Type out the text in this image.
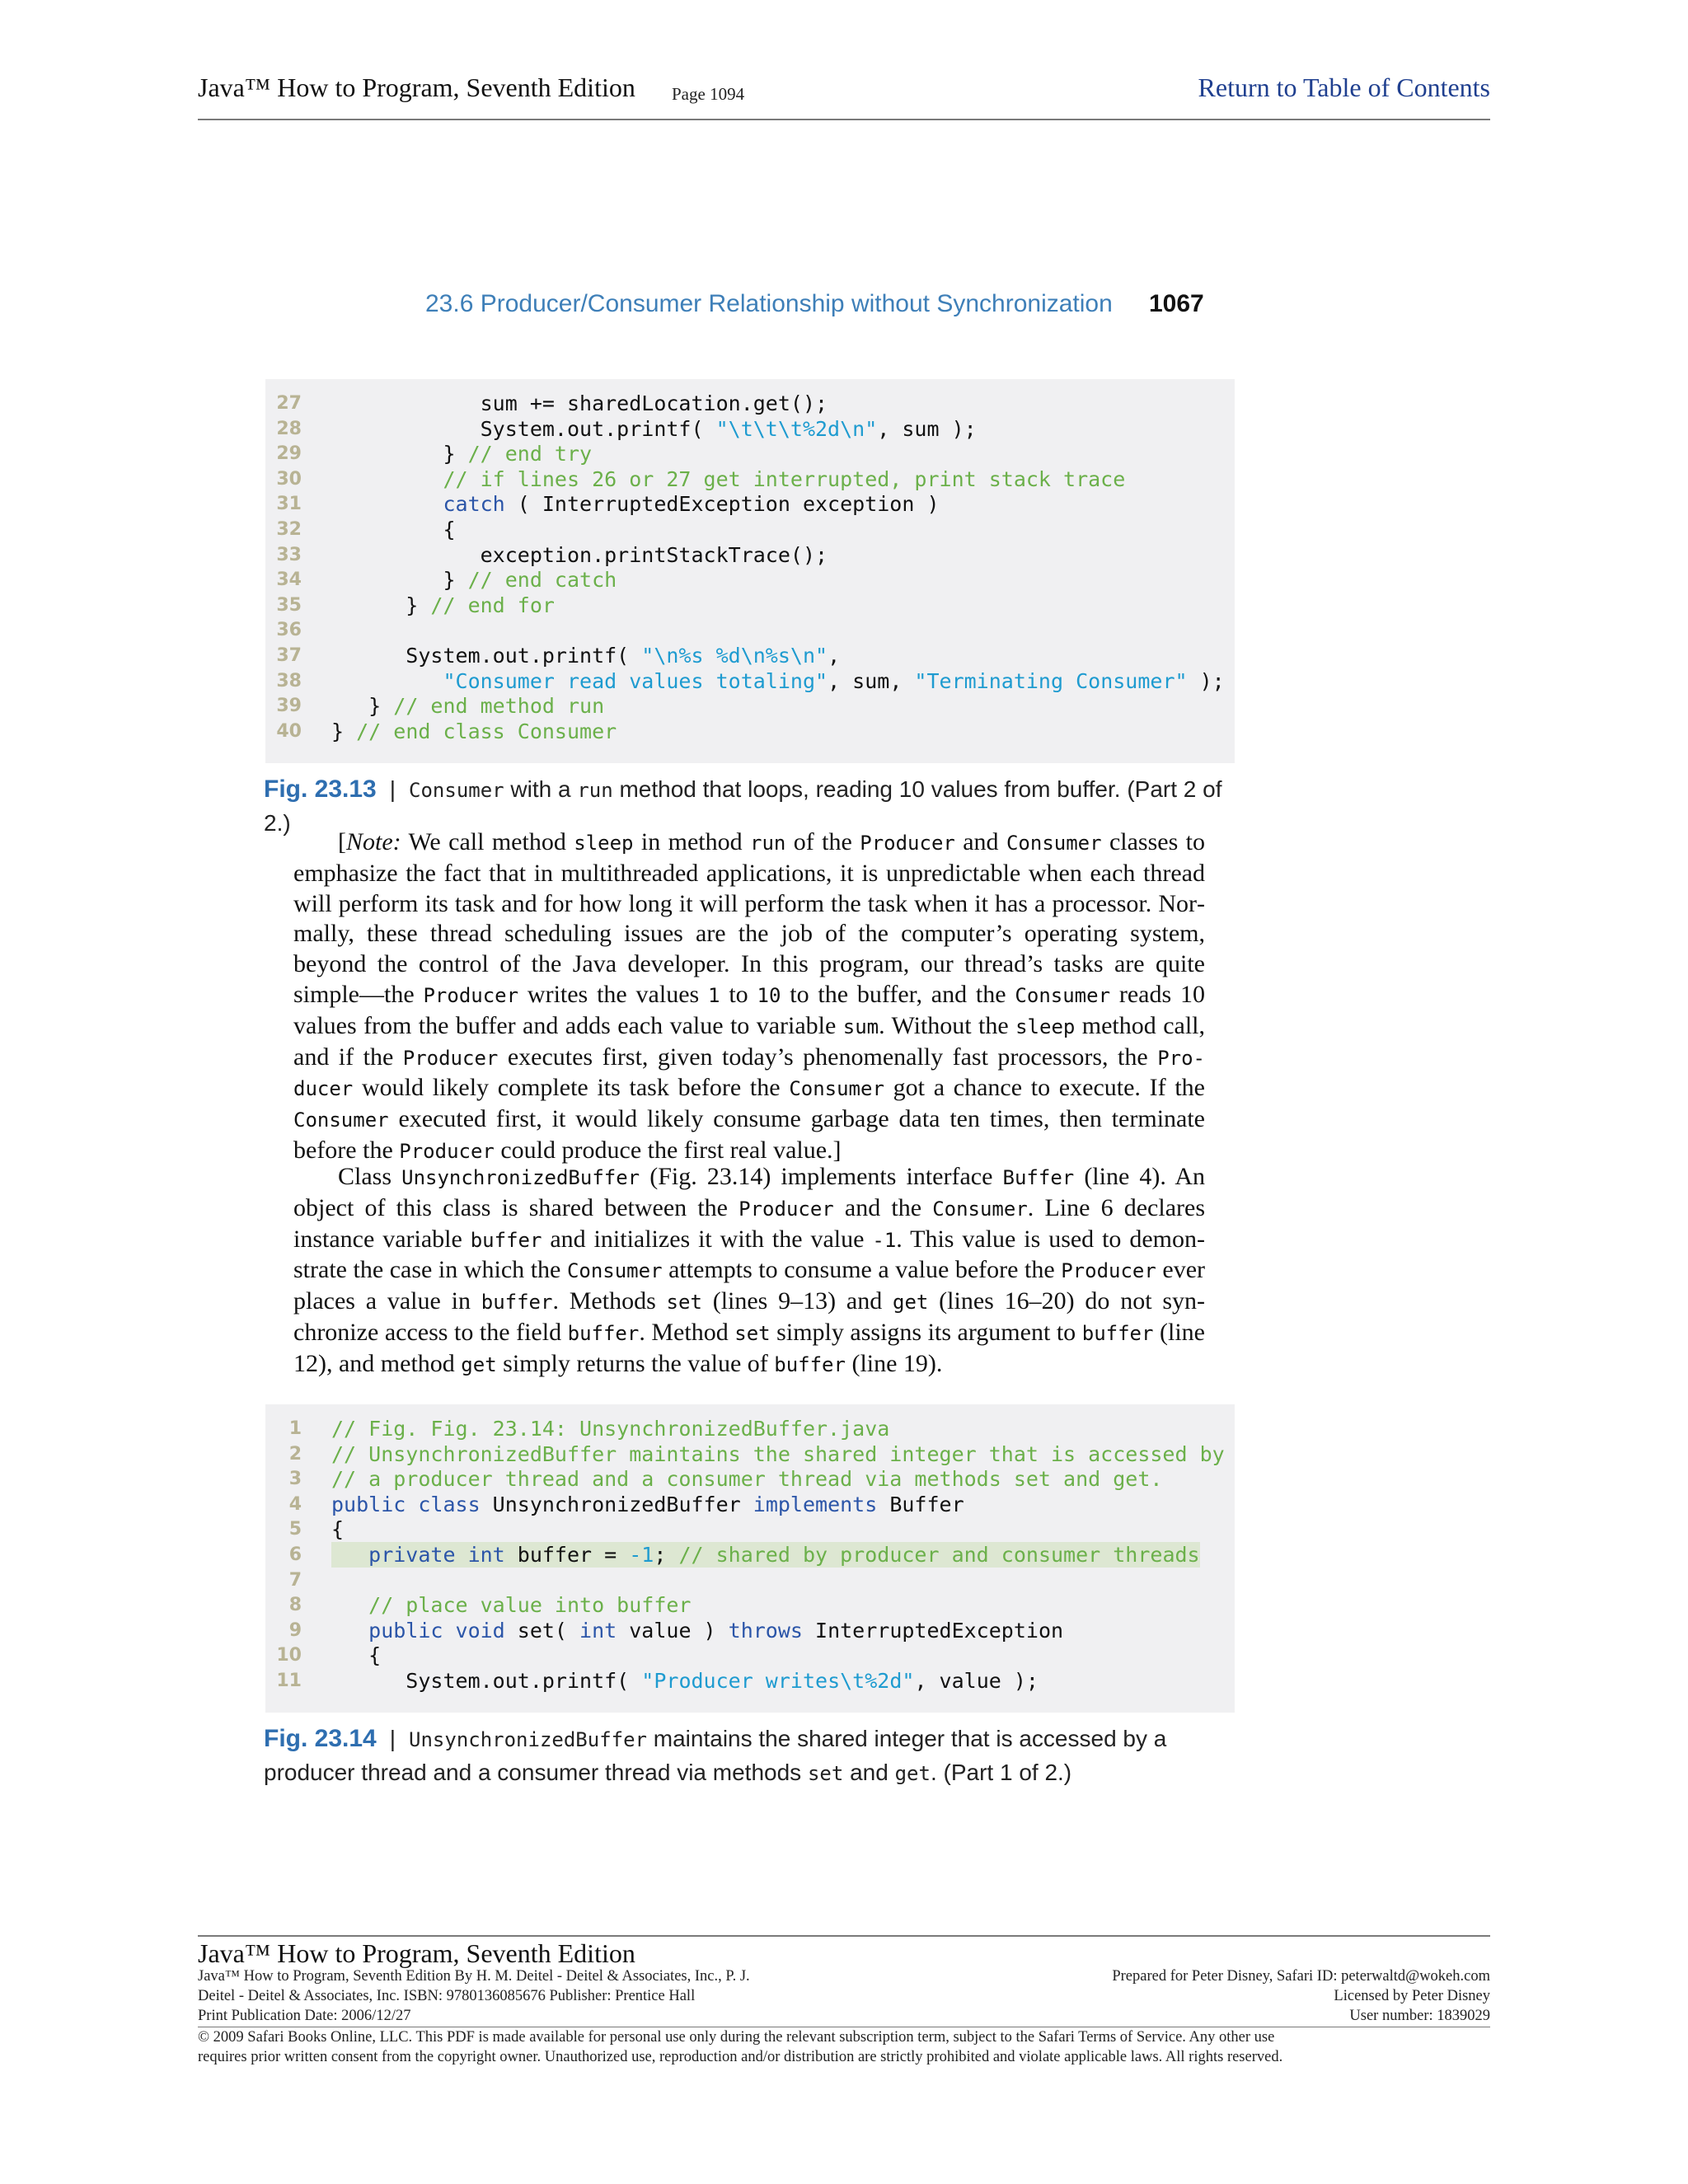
Java™ How to Program, Seventh Edition Page 1094	Return to Table of Contents
23.6 Producer/Consumer Relationship without Synchronization 1067
27 sum += sharedLocation.get();
28 System.out.printf( "\t\t\t%2d\n", sum );
29 } // end try
30 // if lines 26 or 27 get interrupted, print stack trace
31 catch ( InterruptedException exception )
32 {
33 exception.printStackTrace();
34 } // end catch
35 } // end for
36
37 System.out.printf( "\n%s %d\n%s\n",
38 "Consumer read values totaling", sum, "Terminating Consumer" );
39 } // end method run
40 } // end class Consumer
Fig. 23.13 | Consumer with a run method that loops, reading 10 values from buffer. (Part 2 of 2.)
[Note: We call method sleep in method run of the Producer and Consumer classes to emphasize the fact that in multithreaded applications, it is unpredictable when each thread will perform its task and for how long it will perform the task when it has a processor. Normally, these thread scheduling issues are the job of the computer’s operating system, beyond the control of the Java developer. In this program, our thread’s tasks are quite simple—the Producer writes the values 1 to 10 to the buffer, and the Consumer reads 10 values from the buffer and adds each value to variable sum. Without the sleep method call, and if the Producer executes first, given today’s phenomenally fast processors, the Producer would likely complete its task before the Consumer got a chance to execute. If the Consumer executed first, it would likely consume garbage data ten times, then terminate before the Producer could produce the first real value.]
Class UnsynchronizedBuffer (Fig. 23.14) implements interface Buffer (line 4). An object of this class is shared between the Producer and the Consumer. Line 6 declares instance variable buffer and initializes it with the value -1. This value is used to demonstrate the case in which the Consumer attempts to consume a value before the Producer ever places a value in buffer. Methods set (lines 9–13) and get (lines 16–20) do not synchronize access to the field buffer. Method set simply assigns its argument to buffer (line 12), and method get simply returns the value of buffer (line 19).
1 // Fig. Fig. 23.14: UnsynchronizedBuffer.java
2 // UnsynchronizedBuffer maintains the shared integer that is accessed by
3 // a producer thread and a consumer thread via methods set and get.
4 public class UnsynchronizedBuffer implements Buffer
5 {
6 private int buffer = -1; // shared by producer and consumer threads
7
8 // place value into buffer
9 public void set( int value ) throws InterruptedException
10 {
11 System.out.printf( "Producer writes\t%2d", value );
Fig. 23.14 | UnsynchronizedBuffer maintains the shared integer that is accessed by a producer thread and a consumer thread via methods set and get. (Part 1 of 2.)
Java™ How to Program, Seventh Edition
Java™ How to Program, Seventh Edition By H. M. Deitel - Deitel & Associates, Inc., P. J.
Deitel - Deitel & Associates, Inc. ISBN: 9780136085676 Publisher: Prentice Hall
Print Publication Date: 2006/12/27
Prepared for Peter Disney, Safari ID: peterwaltd@wokeh.com
Licensed by Peter Disney
User number: 1839029
© 2009 Safari Books Online, LLC. This PDF is made available for personal use only during the relevant subscription term, subject to the Safari Terms of Service. Any other use
requires prior written consent from the copyright owner. Unauthorized use, reproduction and/or distribution are strictly prohibited and violate applicable laws. All rights reserved.
